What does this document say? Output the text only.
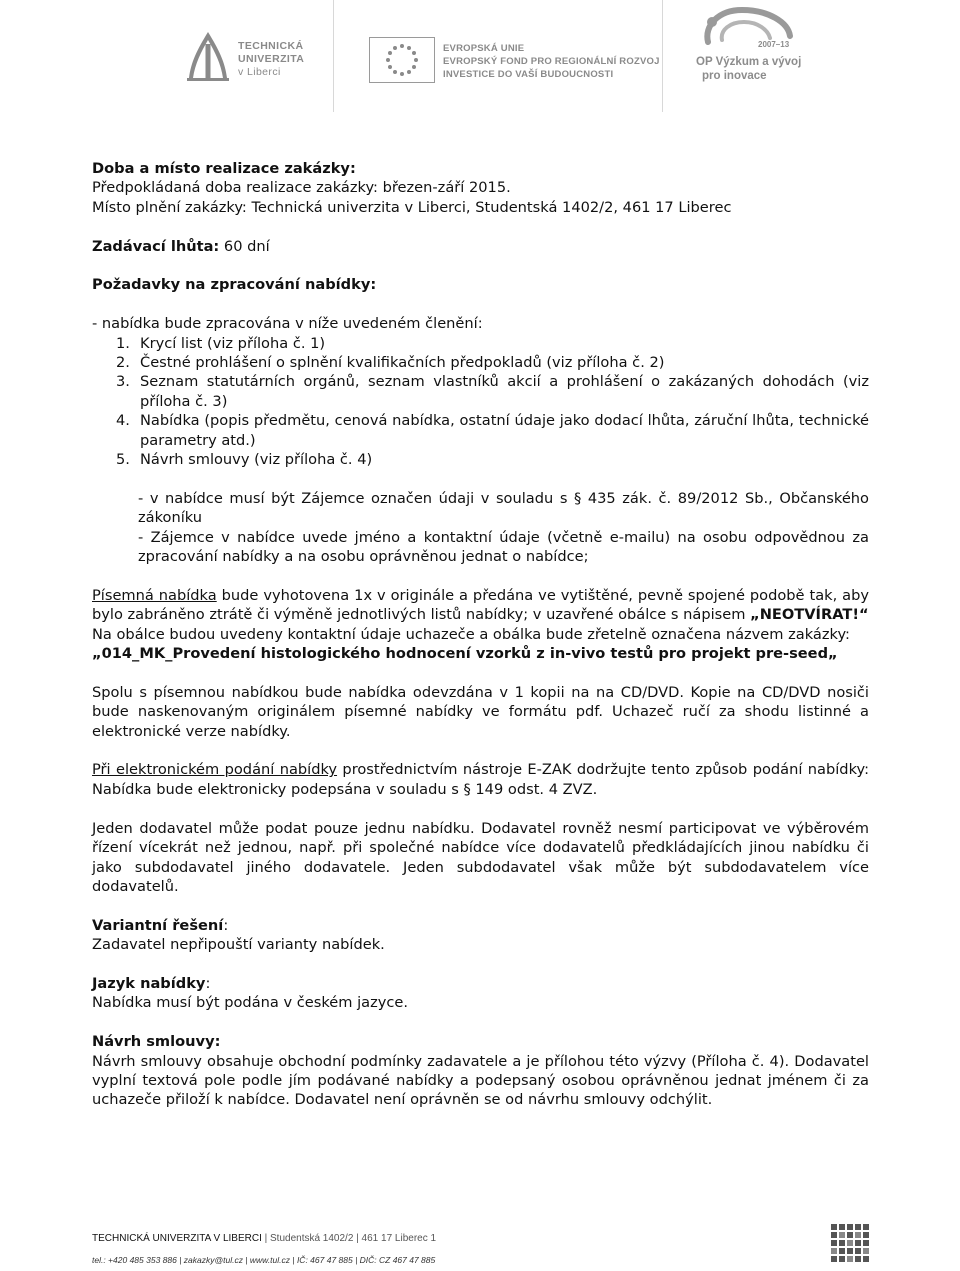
TECHNICKÁ
UNIVERZITA
v Liberci
EVROPSKÁ UNIE
EVROPSKÝ FOND PRO REGIONÁLNÍ ROZVOJ
INVESTICE DO VAŠÍ BUDOUCNOSTI
2007–13
OP Výzkum a vývoj
pro inovace

Doba a místo realizace zakázky:

Předpokládaná doba realizace zakázky: březen-září 2015.

Místo plnění zakázky: Technická univerzita v Liberci, Studentská 1402/2, 461 17 Liberec

Zadávací lhůta: 60 dní

Požadavky na zpracování nabídky:

- nabídka bude zpracována v níže uvedeném členění:

1. Krycí list (viz příloha č. 1)
2. Čestné prohlášení o splnění kvalifikačních předpokladů (viz příloha č. 2)
3. Seznam statutárních orgánů, seznam vlastníků akcií a prohlášení o zakázaných dohodách (viz příloha č. 3)
4. Nabídka (popis předmětu, cenová nabídka, ostatní údaje jako dodací lhůta, záruční lhůta, technické parametry atd.)
5. Návrh smlouvy (viz příloha č. 4)

- v nabídce musí být Zájemce označen údaji v souladu s § 435 zák. č. 89/2012 Sb., Občanského zákoníku

- Zájemce v nabídce uvede jméno a kontaktní údaje (včetně e-mailu) na osobu odpovědnou za zpracování nabídky a na osobu oprávněnou jednat o nabídce;

Písemná nabídka bude vyhotovena 1x v originále a předána ve vytištěné, pevně spojené podobě tak, aby bylo zabráněno ztrátě či výměně jednotlivých listů nabídky; v uzavřené obálce s nápisem „NEOTVÍRAT!“

Na obálce budou uvedeny kontaktní údaje uchazeče a obálka bude zřetelně označena názvem zakázky:

„014_MK_Provedení histologického hodnocení vzorků z in-vivo testů pro projekt pre-seed„

Spolu s písemnou nabídkou bude nabídka odevzdána v 1 kopii na na CD/DVD. Kopie na CD/DVD nosiči bude naskenovaným originálem písemné nabídky ve formátu pdf. Uchazeč ručí za shodu listinné a elektronické verze nabídky.

Při elektronickém podání nabídky prostřednictvím nástroje E-ZAK dodržujte tento způsob podání nabídky: Nabídka bude elektronicky podepsána v souladu s § 149 odst. 4 ZVZ.

Jeden dodavatel může podat pouze jednu nabídku. Dodavatel rovněž nesmí participovat ve výběrovém řízení vícekrát než jednou, např. při společné nabídce více dodavatelů předkládajících jinou nabídku či jako subdodavatel jiného dodavatele. Jeden subdodavatel však může být subdodavatelem více dodavatelů.

Variantní řešení:

Zadavatel nepřipouští varianty nabídek.

Jazyk nabídky:

Nabídka musí být podána v českém jazyce.

Návrh smlouvy:

Návrh smlouvy obsahuje obchodní podmínky zadavatele a je přílohou této výzvy (Příloha č. 4). Dodavatel vyplní textová pole podle jím podávané nabídky a podepsaný osobou oprávněnou jednat jménem či za uchazeče přiloží k nabídce. Dodavatel není oprávněn se od návrhu smlouvy odchýlit.

TECHNICKÁ UNIVERZITA V LIBERCI | Studentská 1402/2 | 461 17 Liberec 1
tel.: +420 485 353 886 | zakazky@tul.cz | www.tul.cz | IČ: 467 47 885 | DIČ: CZ 467 47 885
